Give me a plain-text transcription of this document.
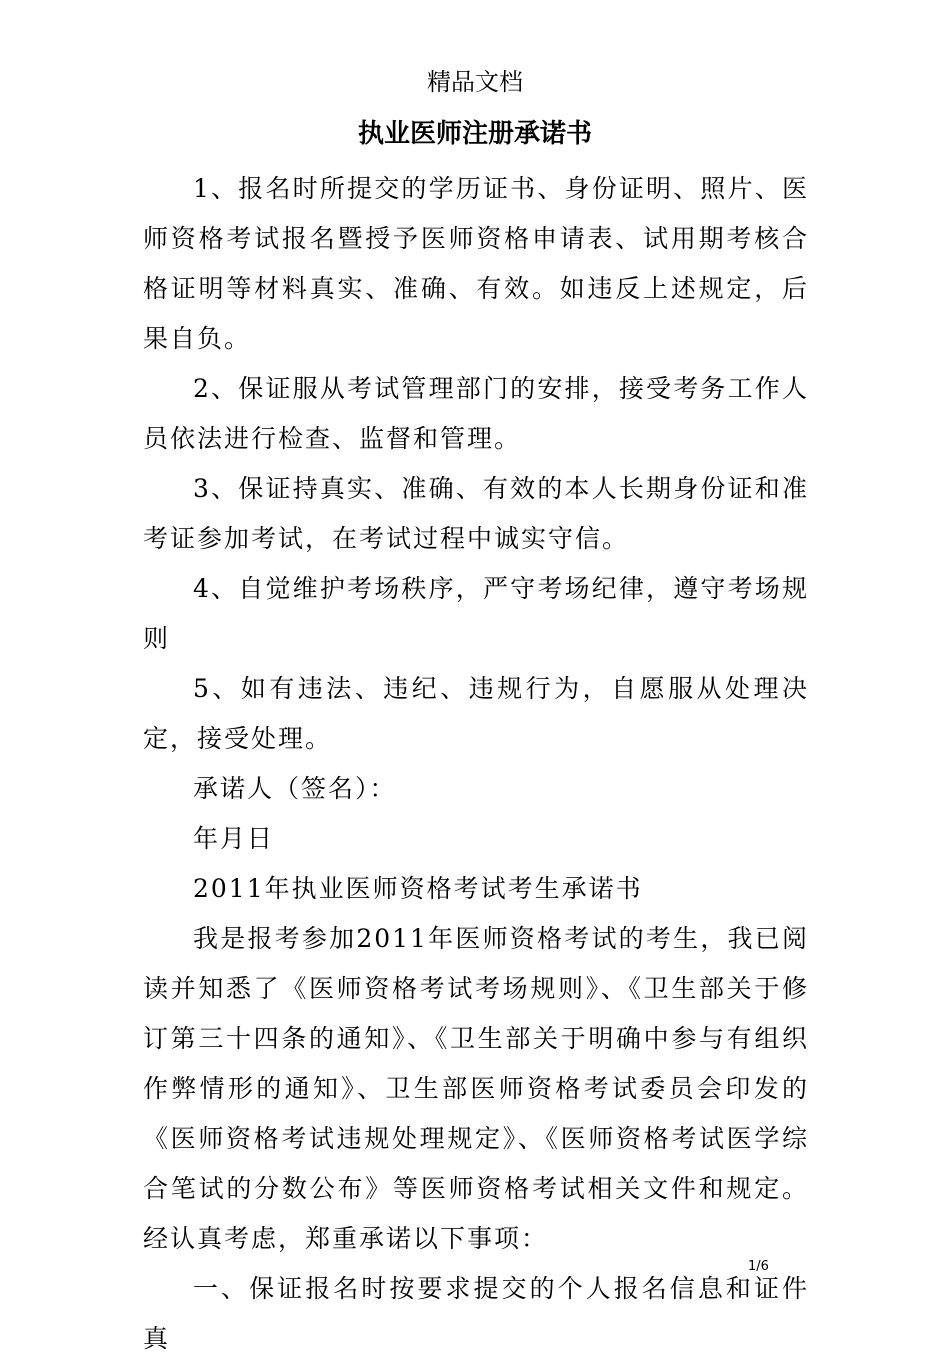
精品文档
执业医师注册承诺书

1、报名时所提交的学历证书、身份证明、照片、医师资格考试报名暨授予医师资格申请表、试用期考核合格证明等材料真实、准确、有效。如违反上述规定，后果自负。

2、保证服从考试管理部门的安排，接受考务工作人员依法进行检查、监督和管理。

3、保证持真实、准确、有效的本人长期身份证和准考证参加考试，在考试过程中诚实守信。

4、自觉维护考场秩序，严守考场纪律，遵守考场规则

5、如有违法、违纪、违规行为，自愿服从处理决定，接受处理。

承诺人（签名）：

年月日

2011年执业医师资格考试考生承诺书

我是报考参加2011年医师资格考试的考生，我已阅读并知悉了《医师资格考试考场规则》、《卫生部关于修订第三十四条的通知》、《卫生部关于明确中参与有组织作弊情形的通知》、卫生部医师资格考试委员会印发的《医师资格考试违规处理规定》、《医师资格考试医学综合笔试的分数公布》等医师资格考试相关文件和规定。经认真考虑，郑重承诺以下事项：

一、保证报名时按要求提交的个人报名信息和证件真

1/6
